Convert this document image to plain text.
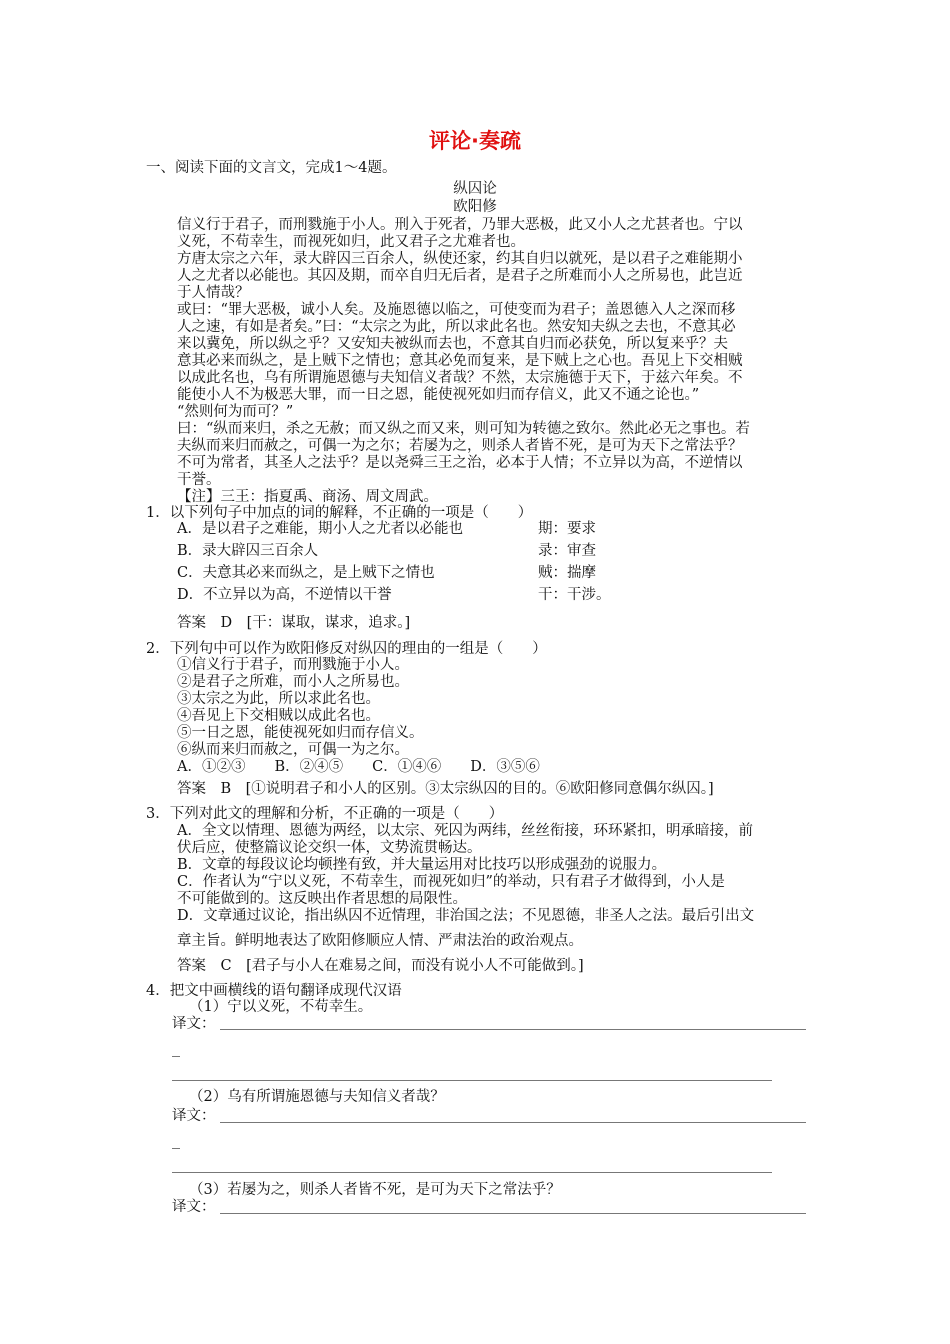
评论·奏疏
一、阅读下面的文言文，完成1～4题。
纵囚论
欧阳修
信义行于君子，而刑戮施于小人。刑入于死者，乃罪大恶极，此又小人之尤甚者也。宁以
义死，不苟幸生，而视死如归，此又君子之尤难者也。
方唐太宗之六年，录大辟囚三百余人，纵使还家，约其自归以就死，是以君子之难能期小
人之尤者以必能也。其囚及期，而卒自归无后者，是君子之所难而小人之所易也，此岂近
于人情哉？
或曰：“罪大恶极，诚小人矣。及施恩德以临之，可使变而为君子；盖恩德入人之深而移
人之速，有如是者矣。”曰：“太宗之为此，所以求此名也。然安知夫纵之去也，不意其必
来以冀免，所以纵之乎？又安知夫被纵而去也，不意其自归而必获免，所以复来乎？夫
意其必来而纵之，是上贼下之情也；意其必免而复来，是下贼上之心也。吾见上下交相贼
以成此名也，乌有所谓施恩德与夫知信义者哉？不然，太宗施德于天下，于兹六年矣。不
能使小人不为极恶大罪，而一日之恩，能使视死如归而存信义，此又不通之论也。”
“然则何为而可？”
曰：“纵而来归，杀之无赦；而又纵之而又来，则可知为转德之致尔。然此必无之事也。若
夫纵而来归而赦之，可偶一为之尔；若屡为之，则杀人者皆不死，是可为天下之常法乎？
不可为常者，其圣人之法乎？是以尧舜三王之治，必本于人情；不立异以为高，不逆情以
干誉。
【注】三王：指夏禹、商汤、周文周武。
1．以下列句子中加点的词的解释，不正确的一项是（　　）
A．是以君子之难能，期小人之尤者以必能也	期：要求
B．录大辟囚三百余人	录：审查
C．夫意其必来而纵之，是上贼下之情也	贼：揣摩
D．不立异以为高，不逆情以干誉	干：干涉。
答案　D　[干：谋取，谋求，追求。]
2．下列句中可以作为欧阳修反对纵囚的理由的一组是（　　）
①信义行于君子，而刑戮施于小人。
②是君子之所难，而小人之所易也。
③太宗之为此，所以求此名也。
④吾见上下交相贼以成此名也。
⑤一日之恩，能使视死如归而存信义。
⑥纵而来归而赦之，可偶一为之尔。
A．①②③　　B．②④⑤　　C．①④⑥　　D．③⑤⑥
答案　B　[①说明君子和小人的区别。③太宗纵囚的目的。⑥欧阳修同意偶尔纵囚。]
3．下列对此文的理解和分析，不正确的一项是（　　）
A．全文以情理、恩德为两经，以太宗、死囚为两纬，丝丝衔接，环环紧扣，明承暗接，前
伏后应，使整篇议论交织一体，文势流贯畅达。
B．文章的每段议论均顿挫有致，并大量运用对比技巧以形成强劲的说服力。
C．作者认为“宁以义死，不苟幸生，而视死如归”的举动，只有君子才做得到，小人是
不可能做到的。这反映出作者思想的局限性。
D．文章通过议论，指出纵囚不近情理，非治国之法；不见恩德，非圣人之法。最后引出文
章主旨。鲜明地表达了欧阳修顺应人情、严肃法治的政治观点。
答案　C　[君子与小人在难易之间，而没有说小人不可能做到。]
4．把文中画横线的语句翻译成现代汉语
（1）宁以义死，不苟幸生。
译文：
（2）乌有所谓施恩德与夫知信义者哉？
译文：
（3）若屡为之，则杀人者皆不死，是可为天下之常法乎？
译文：
